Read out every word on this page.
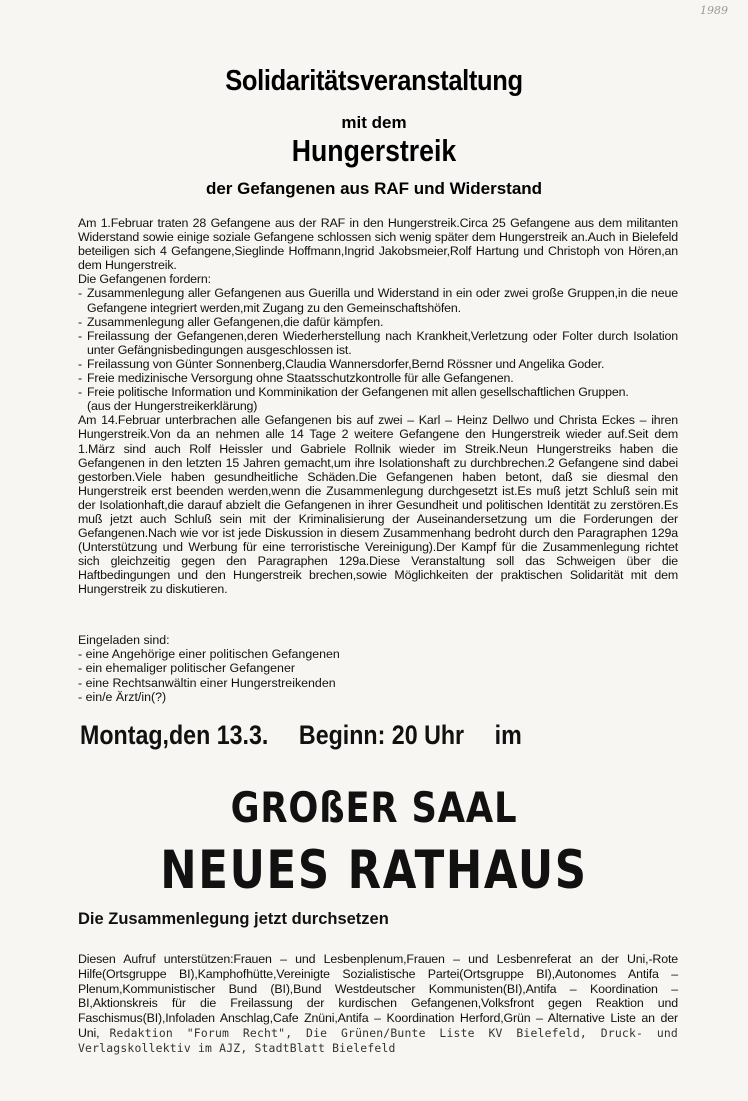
1989
Solidaritätsveranstaltung
mit dem
Hungerstreik
der Gefangenen aus RAF und Widerstand

Am 1.Februar traten 28 Gefangene aus der RAF in den Hungerstreik.Circa 25 Gefangene aus dem militanten Widerstand sowie einige soziale Gefangene schlossen sich wenig später dem Hungerstreik an.Auch in Bielefeld beteiligen sich 4 Gefangene,Sieglinde Hoffmann,Ingrid Jakobsmeier,Rolf Hartung und Christoph von Hören,an dem Hungerstreik.

Die Gefangenen fordern:

- Zusammenlegung aller Gefangenen aus Guerilla und Widerstand in ein oder zwei große Gruppen,in die neue Gefangene integriert werden,mit Zugang zu den Gemeinschaftshöfen.
- Zusammenlegung aller Gefangenen,die dafür kämpfen.
- Freilassung der Gefangenen,deren Wiederherstellung nach Krankheit,Verletzung oder Folter durch Isolation unter Gefängnisbedingungen ausgeschlossen ist.
- Freilassung von Günter Sonnenberg,Claudia Wannersdorfer,Bernd Rössner und Angelika Goder.
- Freie medizinische Versorgung ohne Staatsschutzkontrolle für alle Gefangenen.
- Freie politische Information und Komminikation der Gefangenen mit allen gesellschaftlichen Gruppen.

(aus der Hungerstreikerklärung)

Am 14.Februar unterbrachen alle Gefangenen bis auf zwei – Karl – Heinz Dellwo und Christa Eckes – ihren Hungerstreik.Von da an nehmen alle 14 Tage 2 weitere Gefangene den Hungerstreik wieder auf.Seit dem 1.März sind auch Rolf Heissler und Gabriele Rollnik wieder im Streik.Neun Hungerstreiks haben die Gefangenen in den letzten 15 Jahren gemacht,um ihre Isolationshaft zu durchbrechen.2 Gefangene sind dabei gestorben.Viele haben gesundheitliche Schäden.Die Gefangenen haben betont, daß sie diesmal den Hungerstreik erst beenden werden,wenn die Zusammenlegung durchgesetzt ist.Es muß jetzt Schluß sein mit der Isolationhaft,die darauf abzielt die Gefangenen in ihrer Gesundheit und politischen Identität zu zerstören.Es muß jetzt auch Schluß sein mit der Kriminalisierung der Auseinandersetzung um die Forderungen der Gefangenen.Nach wie vor ist jede Diskussion in diesem Zusammenhang bedroht durch den Paragraphen 129a (Unterstützung und Werbung für eine terroristische Vereinigung).Der Kampf für die Zusammenlegung richtet sich gleichzeitig gegen den Paragraphen 129a.Diese Veranstaltung soll das Schweigen über die Haftbedingungen und den Hungerstreik brechen,sowie Möglichkeiten der praktischen Solidarität mit dem Hungerstreik zu diskutieren.

Eingeladen sind:
- eine Angehörige einer politischen Gefangenen
- ein ehemaliger politischer Gefangener
- eine Rechtsanwältin einer Hungerstreikenden
- ein/e Ärzt/in(?)
Montag,den 13.3. Beginn: 20 Uhr im
GROßER SAAL
NEUES RATHAUS
Die Zusammenlegung jetzt durchsetzen
Diesen Aufruf unterstützen:Frauen – und Lesbenplenum,Frauen – und Lesbenreferat an der Uni,-Rote Hilfe(Ortsgruppe BI),Kamphofhütte,Vereinigte Sozialistische Partei(Ortsgruppe BI),Autonomes Antifa – Plenum,Kommunistischer Bund (BI),Bund Westdeutscher Kommunisten(BI),Antifa – Koordination – BI,Aktionskreis für die Freilassung der kurdischen Gefangenen,Volksfront gegen Reaktion und Faschismus(BI),Infoladen Anschlag,Cafe Znüni,Antifa – Koordination Herford,Grün – Alternative Liste an der Uni, Redaktion "Forum Recht", Die Grünen/Bunte Liste KV Bielefeld, Druck- und Verlagskollektiv im AJZ, StadtBlatt Bielefeld
